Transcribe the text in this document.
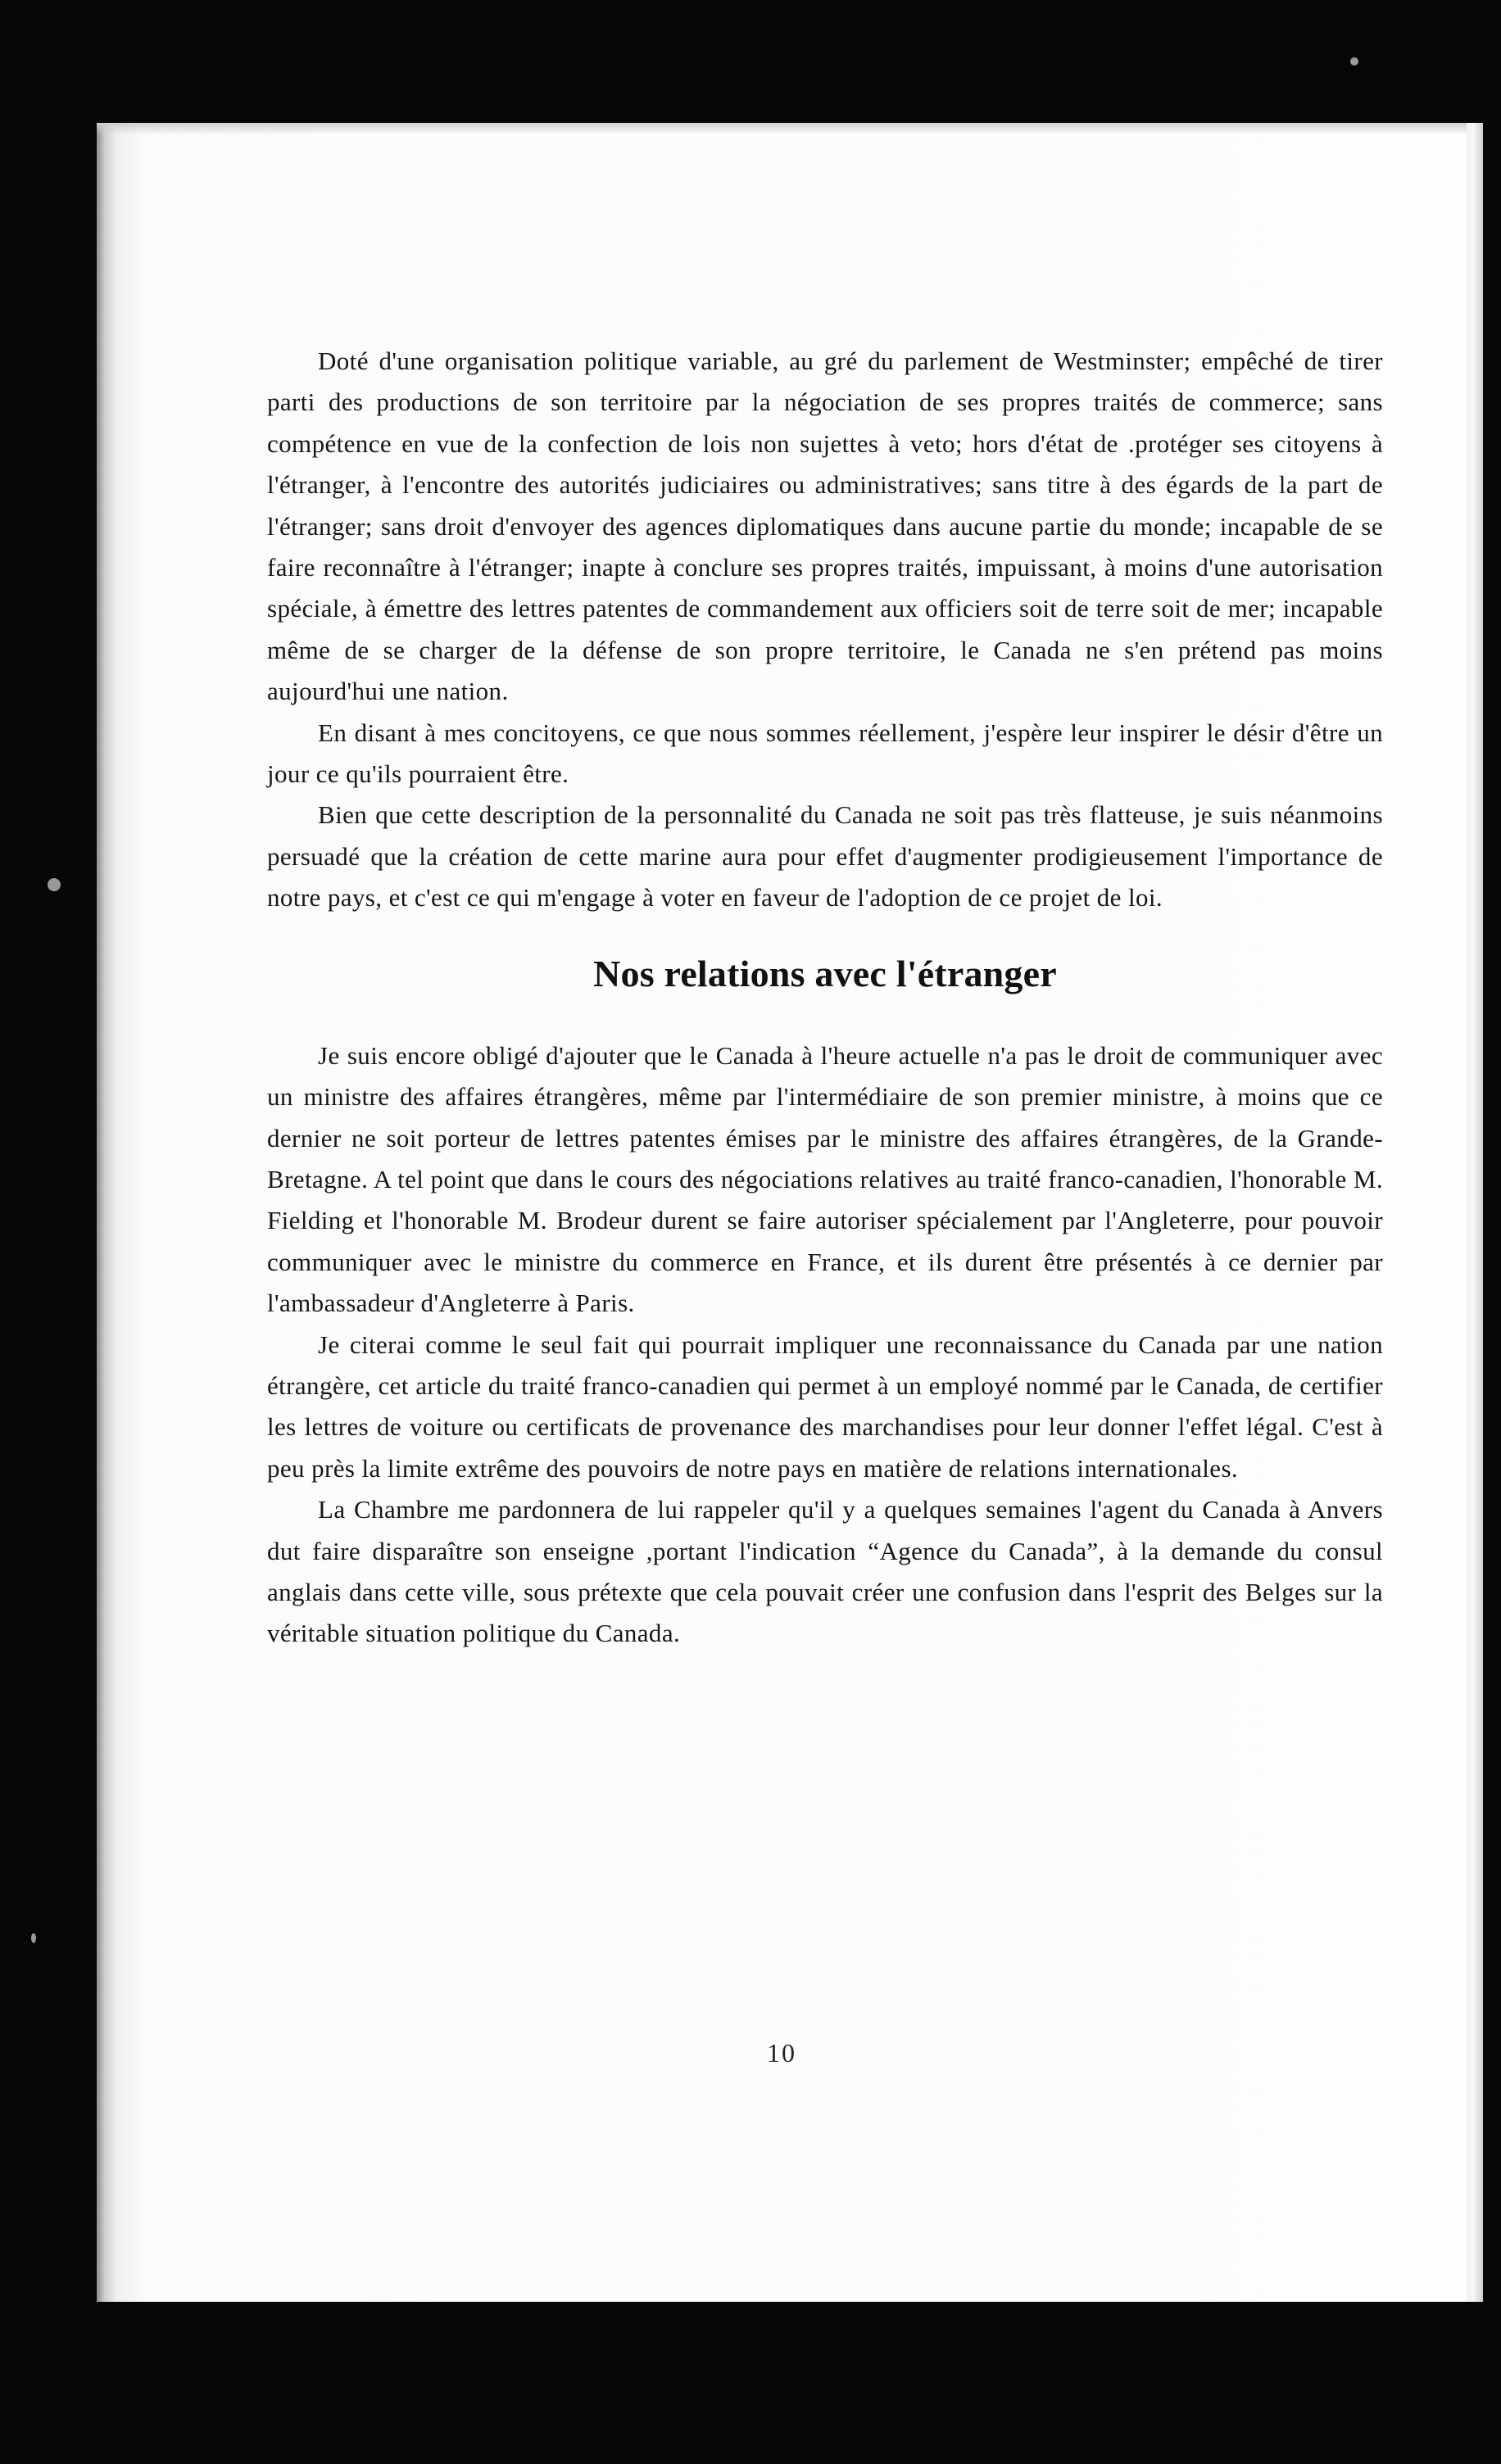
Doté d'une organisation politique variable, au gré du parlement de Westminster; empêché de tirer parti des productions de son territoire par la négociation de ses propres traités de commerce; sans compétence en vue de la confection de lois non sujettes à veto; hors d'état de .protéger ses citoyens à l'étranger, à l'encontre des autorités judiciaires ou administratives; sans titre à des égards de la part de l'étranger; sans droit d'envoyer des agences diplomatiques dans aucune partie du monde; incapable de se faire reconnaître à l'étranger; inapte à conclure ses propres traités, impuissant, à moins d'une autorisation spéciale, à émettre des lettres patentes de commandement aux officiers soit de terre soit de mer; incapable même de se charger de la défense de son propre territoire, le Canada ne s'en prétend pas moins aujourd'hui une nation.

En disant à mes concitoyens, ce que nous sommes réellement, j'espère leur inspirer le désir d'être un jour ce qu'ils pourraient être.

Bien que cette description de la personnalité du Canada ne soit pas très flatteuse, je suis néanmoins persuadé que la création de cette marine aura pour effet d'augmenter prodigieusement l'importance de notre pays, et c'est ce qui m'engage à voter en faveur de l'adoption de ce projet de loi.

Nos relations avec l'étranger

Je suis encore obligé d'ajouter que le Canada à l'heure actuelle n'a pas le droit de communiquer avec un ministre des affaires étrangères, même par l'intermédiaire de son premier ministre, à moins que ce dernier ne soit porteur de lettres patentes émises par le ministre des affaires étrangères, de la Grande-Bretagne. A tel point que dans le cours des négociations relatives au traité franco-canadien, l'honorable M. Fielding et l'honorable M. Brodeur durent se faire autoriser spécialement par l'Angleterre, pour pouvoir communiquer avec le ministre du commerce en France, et ils durent être présentés à ce dernier par l'ambassadeur d'Angleterre à Paris.

Je citerai comme le seul fait qui pourrait impliquer une reconnaissance du Canada par une nation étrangère, cet article du traité franco-canadien qui permet à un employé nommé par le Canada, de certifier les lettres de voiture ou certificats de provenance des marchandises pour leur donner l'effet légal. C'est à peu près la limite extrême des pouvoirs de notre pays en matière de relations internationales.

La Chambre me pardonnera de lui rappeler qu'il y a quelques semaines l'agent du Canada à Anvers dut faire disparaître son enseigne ,portant l'indication “Agence du Canada”, à la demande du consul anglais dans cette ville, sous prétexte que cela pouvait créer une confusion dans l'esprit des Belges sur la véritable situation politique du Canada.

10
